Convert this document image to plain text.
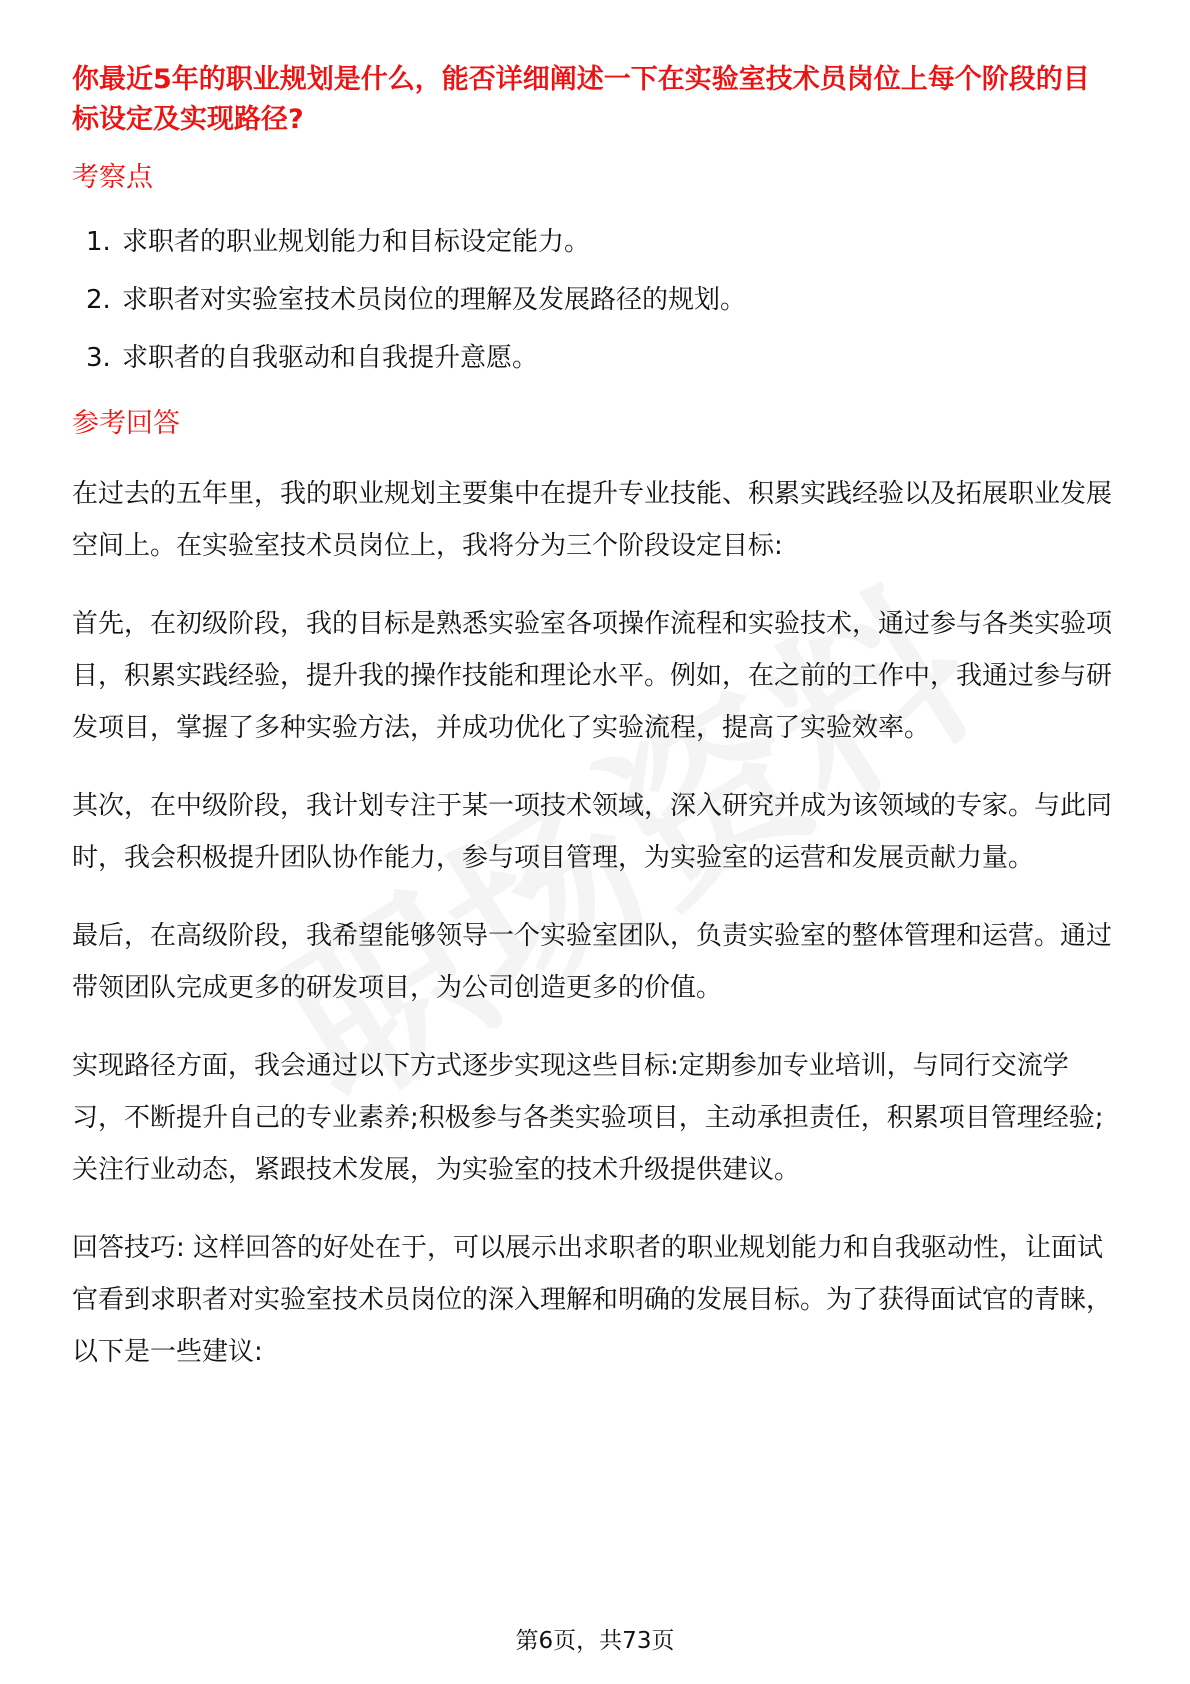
你最近5年的职业规划是什么，能否详细阐述一下在实验室技术员岗位上每个阶段的目标设定及实现路径?
考察点
1. 求职者的职业规划能力和目标设定能力。
2. 求职者对实验室技术员岗位的理解及发展路径的规划。
3. 求职者的自我驱动和自我提升意愿。
参考回答

在过去的五年里，我的职业规划主要集中在提升专业技能、积累实践经验以及拓展职业发展空间上。在实验室技术员岗位上，我将分为三个阶段设定目标:

首先，在初级阶段，我的目标是熟悉实验室各项操作流程和实验技术，通过参与各类实验项目，积累实践经验，提升我的操作技能和理论水平。例如，在之前的工作中，我通过参与研发项目，掌握了多种实验方法，并成功优化了实验流程，提高了实验效率。

其次，在中级阶段，我计划专注于某一项技术领域，深入研究并成为该领域的专家。与此同时，我会积极提升团队协作能力，参与项目管理，为实验室的运营和发展贡献力量。

最后，在高级阶段，我希望能够领导一个实验室团队，负责实验室的整体管理和运营。通过带领团队完成更多的研发项目，为公司创造更多的价值。

实现路径方面，我会通过以下方式逐步实现这些目标:定期参加专业培训，与同行交流学习，不断提升自己的专业素养;积极参与各类实验项目，主动承担责任，积累项目管理经验;关注行业动态，紧跟技术发展，为实验室的技术升级提供建议。

回答技巧: 这样回答的好处在于，可以展示出求职者的职业规划能力和自我驱动性，让面试官看到求职者对实验室技术员岗位的深入理解和明确的发展目标。为了获得面试官的青睐，以下是一些建议:

第6页，共73页
